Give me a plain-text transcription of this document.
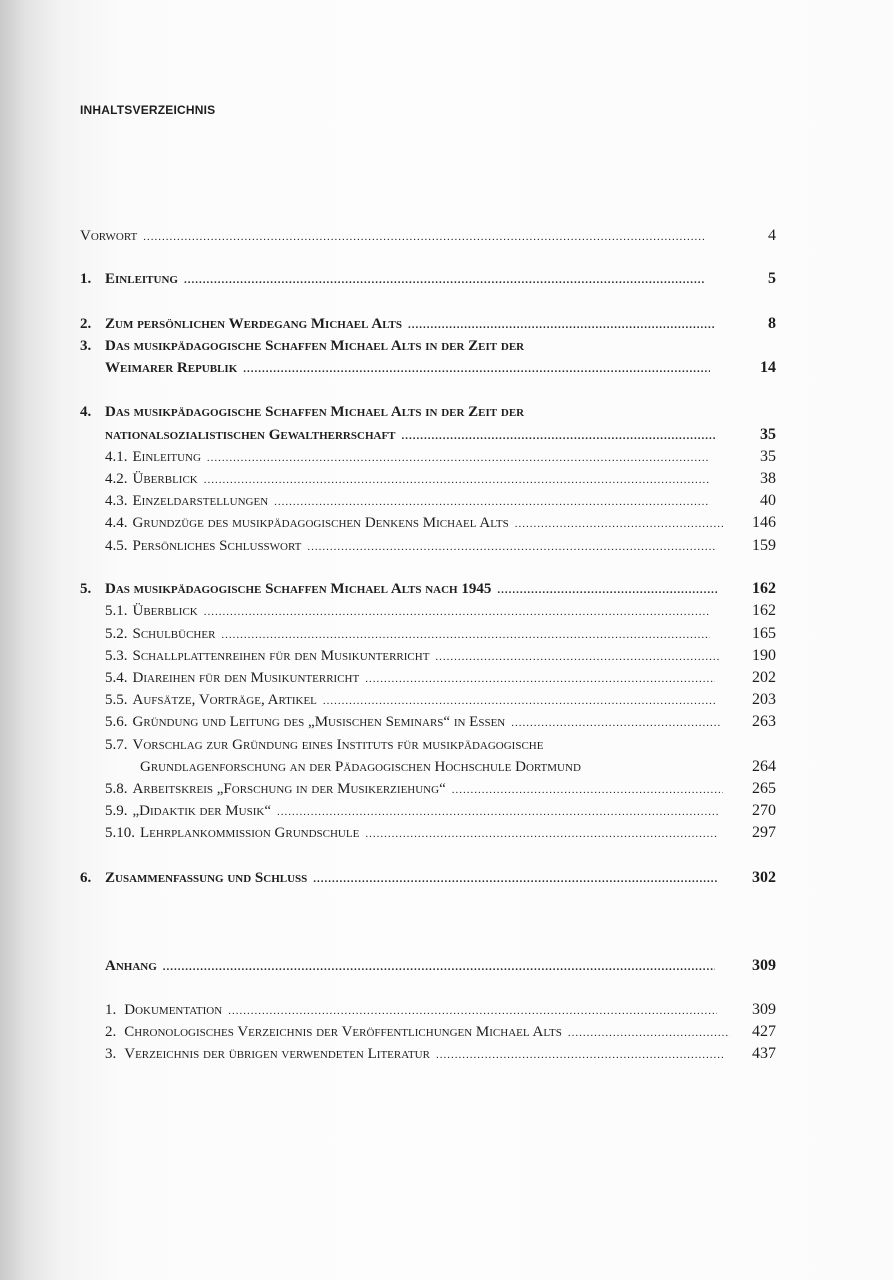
INHALTSVERZEICHNIS
Vorwort .....	4
1. Einleitung .....	5
2. Zum persönlichen Werdegang Michael Alts .....	8
3. Das musikpädagogische Schaffen Michael Alts in der Zeit der
Weimarer Republik .....	14
4. Das musikpädagogische Schaffen Michael Alts in der Zeit der
nationalsozialistischen Gewaltherrschaft .....	35
4.1. Einleitung .....	35
4.2. Überblick .....	38
4.3. Einzeldarstellungen .....	40
4.4. Grundzüge des musikpädagogischen Denkens Michael Alts .....	146
4.5. Persönliches Schlusswort .....	159
5. Das musikpädagogische Schaffen Michael Alts nach 1945 .....	162
5.1. Überblick .....	162
5.2. Schulbücher .....	165
5.3. Schallplattenreihen für den Musikunterricht .....	190
5.4. Diareihen für den Musikunterricht .....	202
5.5. Aufsätze, Vorträge, Artikel .....	203
5.6. Gründung und Leitung des „Musischen Seminars“ in Essen .....	263
5.7. Vorschlag zur Gründung eines Instituts für musikpädagogische
Grundlagenforschung an der Pädagogischen Hochschule Dortmund	264
5.8. Arbeitskreis „Forschung in der Musikerziehung“ .....	265
5.9. „Didaktik der Musik“ .....	270
5.10. Lehrplankommission Grundschule .....	297
6. Zusammenfassung und Schluss .....	302
Anhang .....	309
1. Dokumentation .....	309
2. Chronologisches Verzeichnis der Veröffentlichungen Michael Alts .....	427
3. Verzeichnis der übrigen verwendeten Literatur .....	437
